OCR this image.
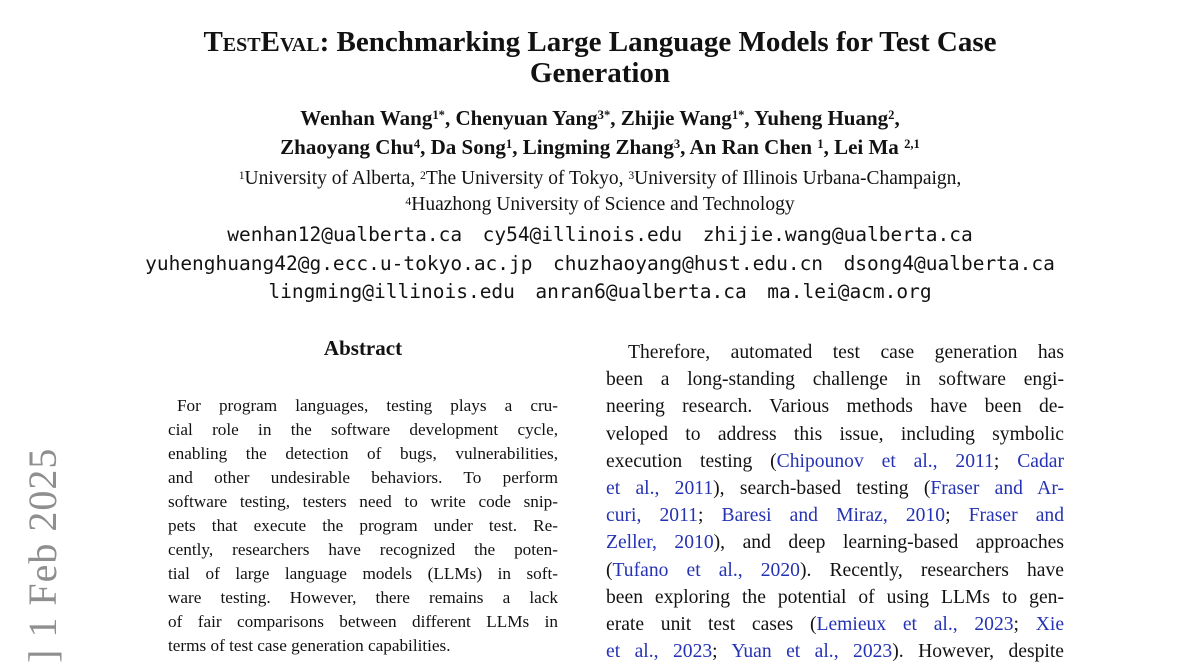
] 1 Feb 2025
TestEval: Benchmarking Large Language Models for Test Case
Generation
Wenhan Wang$^{1*}$, Chenyuan Yang$^{3*}$, Zhijie Wang$^{1*}$, Yuheng Huang$^2$,
Zhaoyang Chu$^4$, Da Song$^1$, Lingming Zhang$^3$, An Ran Chen $^1$, Lei Ma $^{2,1}$
$^1$University of Alberta, $^2$The University of Tokyo, $^3$University of Illinois Urbana-Champaign,
$^4$Huazhong University of Science and Technology
wenhan12@ualberta.ca cy54@illinois.edu zhijie.wang@ualberta.ca
yuhenghuang42@g.ecc.u-tokyo.ac.jp chuzhaoyang@hust.edu.cn dsong4@ualberta.ca
lingming@illinois.edu anran6@ualberta.ca ma.lei@acm.org
Abstract
For program languages, testing plays a cru-
cial role in the software development cycle,
enabling the detection of bugs, vulnerabilities,
and other undesirable behaviors. To perform
software testing, testers need to write code snip-
pets that execute the program under test. Re-
cently, researchers have recognized the poten-
tial of large language models (LLMs) in soft-
ware testing. However, there remains a lack
of fair comparisons between different LLMs in
terms of test case generation capabilities.
Therefore, automated test case generation has
been a long-standing challenge in software engi-
neering research. Various methods have been de-
veloped to address this issue, including symbolic
execution testing (Chipounov et al., 2011; Cadar
et al., 2011), search-based testing (Fraser and Ar-
curi, 2011; Baresi and Miraz, 2010; Fraser and
Zeller, 2010), and deep learning-based approaches
(Tufano et al., 2020). Recently, researchers have
been exploring the potential of using LLMs to gen-
erate unit test cases (Lemieux et al., 2023; Xie
et al., 2023; Yuan et al., 2023). However, despite
